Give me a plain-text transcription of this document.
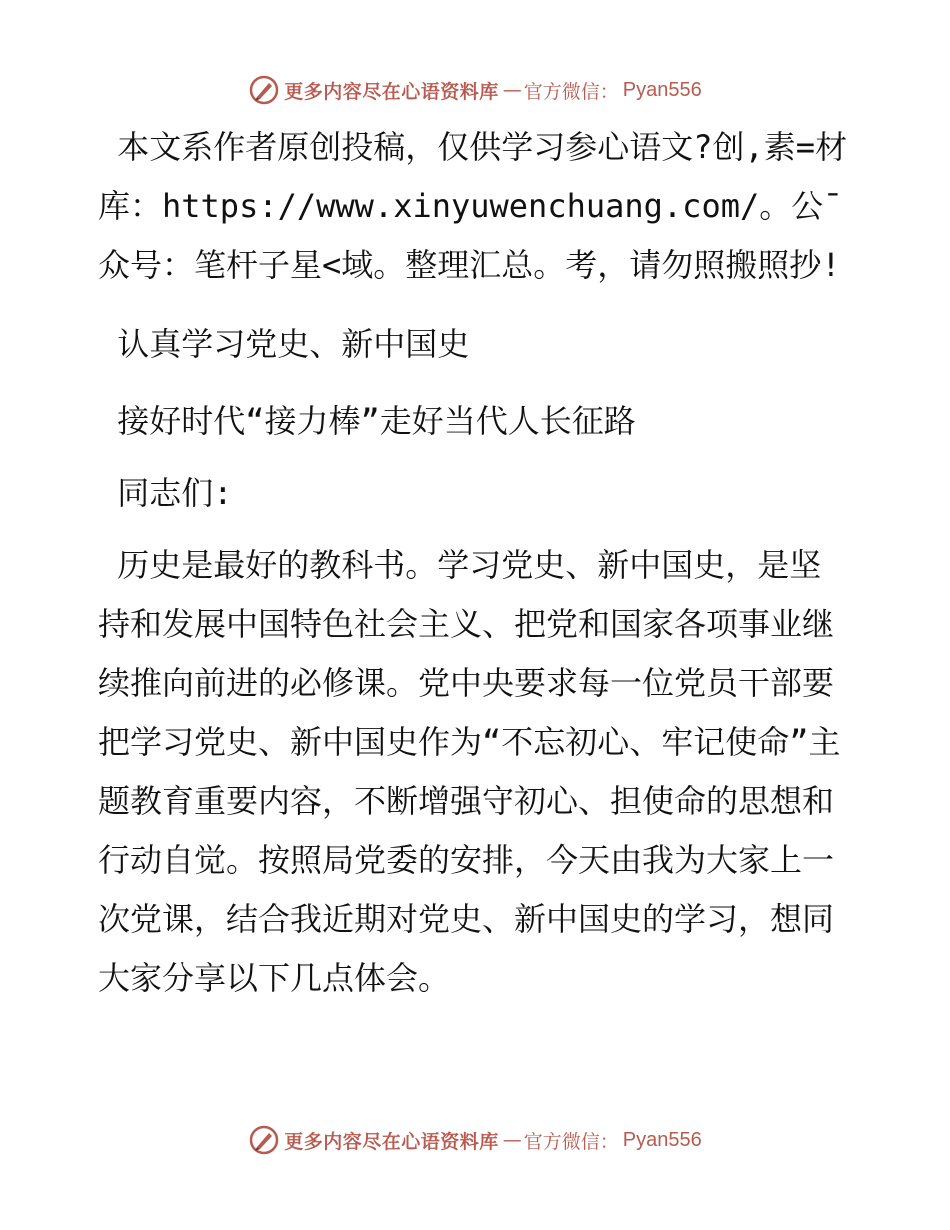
更多内容尽在心语资料库 — 官方微信： Pyan556

本文系作者原创投稿，仅供学习参心语文?创,素=材库：https://www.xinyuwenchuang.com/。公¯众号：笔杆子星<域。整理汇总。考，请勿照搬照抄!

认真学习党史、新中国史

接好时代“接力棒”走好当代人长征路

同志们:

历史是最好的教科书。学习党史、新中国史，是坚持和发展中国特色社会主义、把党和国家各项事业继续推向前进的必修课。党中央要求每一位党员干部要把学习党史、新中国史作为“不忘初心、牢记使命”主题教育重要内容，不断增强守初心、担使命的思想和行动自觉。按照局党委的安排，今天由我为大家上一次党课，结合我近期对党史、新中国史的学习，想同大家分享以下几点体会。

更多内容尽在心语资料库 — 官方微信： Pyan556
